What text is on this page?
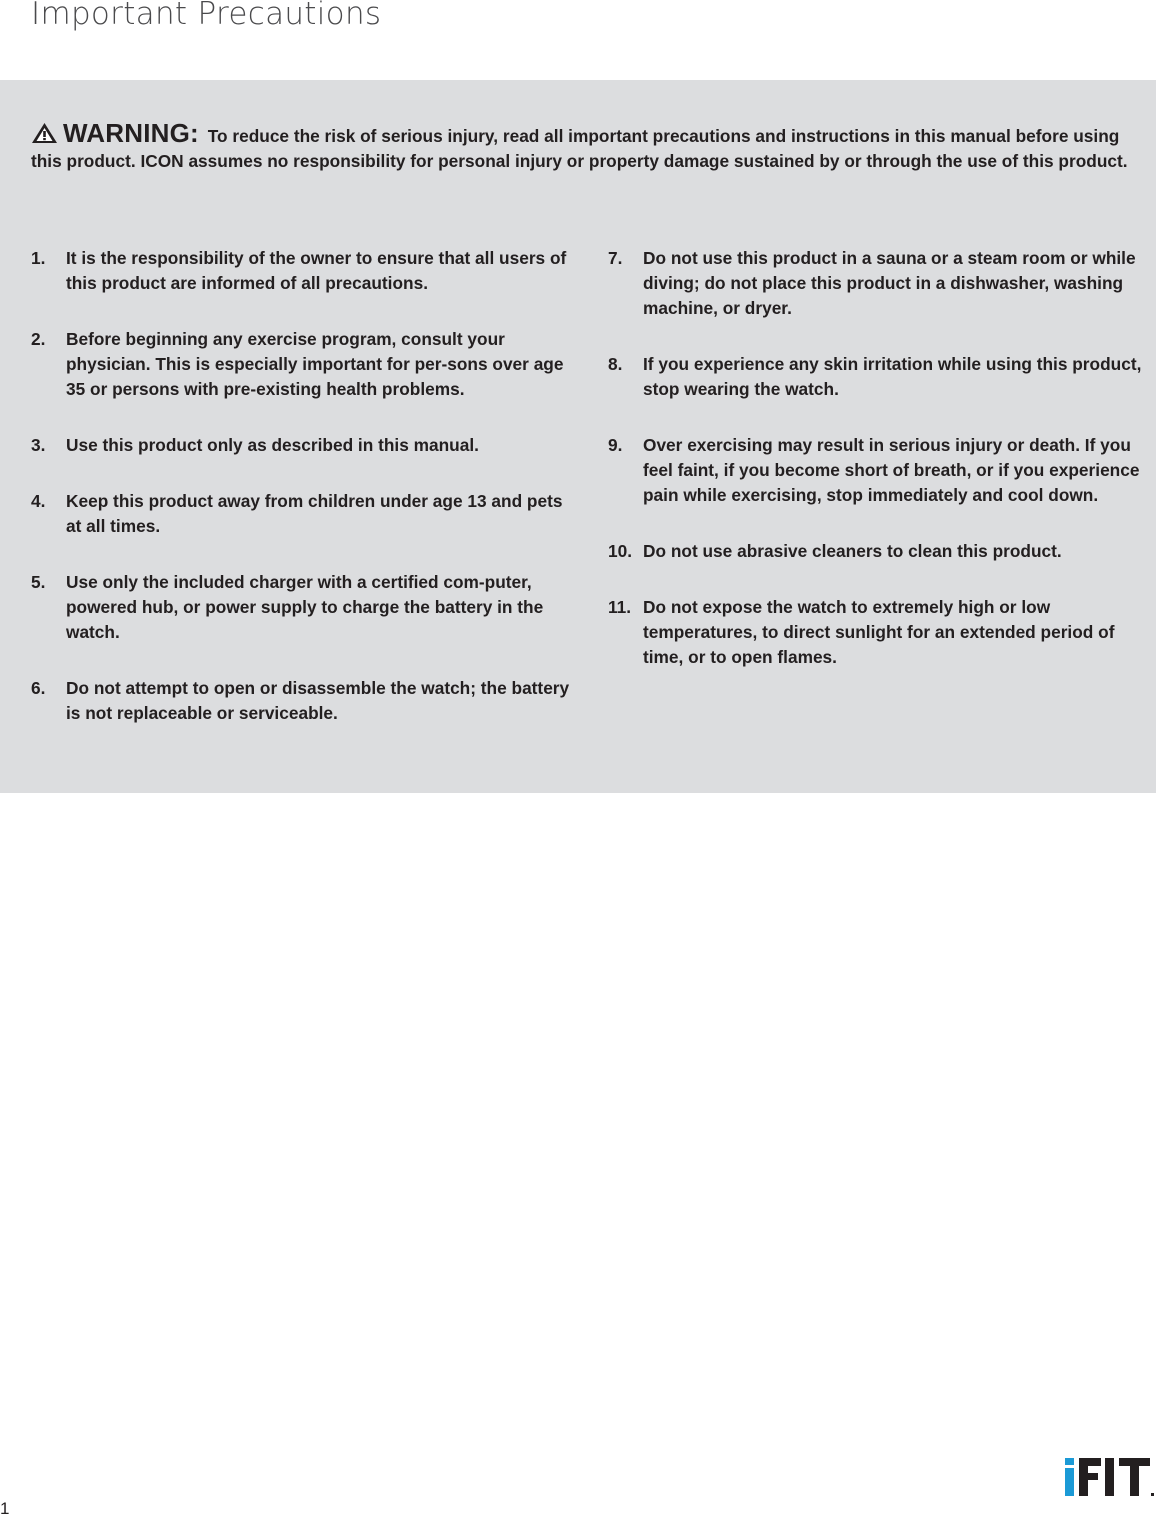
Important Precautions
WARNING: To reduce the risk of serious injury, read all important precautions and instructions in this manual before using this product. ICON assumes no responsibility for personal injury or property damage sustained by or through the use of this product.
1. It is the responsibility of the owner to ensure that all users of this product are informed of all precautions.
2. Before beginning any exercise program, consult your physician. This is especially important for per-sons over age 35 or persons with pre-existing health problems.
3. Use this product only as described in this manual.
4. Keep this product away from children under age 13 and pets at all times.
5. Use only the included charger with a certified com-puter, powered hub, or power supply to charge the battery in the watch.
6. Do not attempt to open or disassemble the watch; the battery is not replaceable or serviceable.
7. Do not use this product in a sauna or a steam room or while diving; do not place this product in a dishwasher, washing machine, or dryer.
8. If you experience any skin irritation while using this product, stop wearing the watch.
9. Over exercising may result in serious injury or death. If you feel faint, if you become short of breath, or if you experience pain while exercising, stop immediately and cool down.
10. Do not use abrasive cleaners to clean this product.
11. Do not expose the watch to extremely high or low temperatures, to direct sunlight for an extended period of time, or to open flames.
1
